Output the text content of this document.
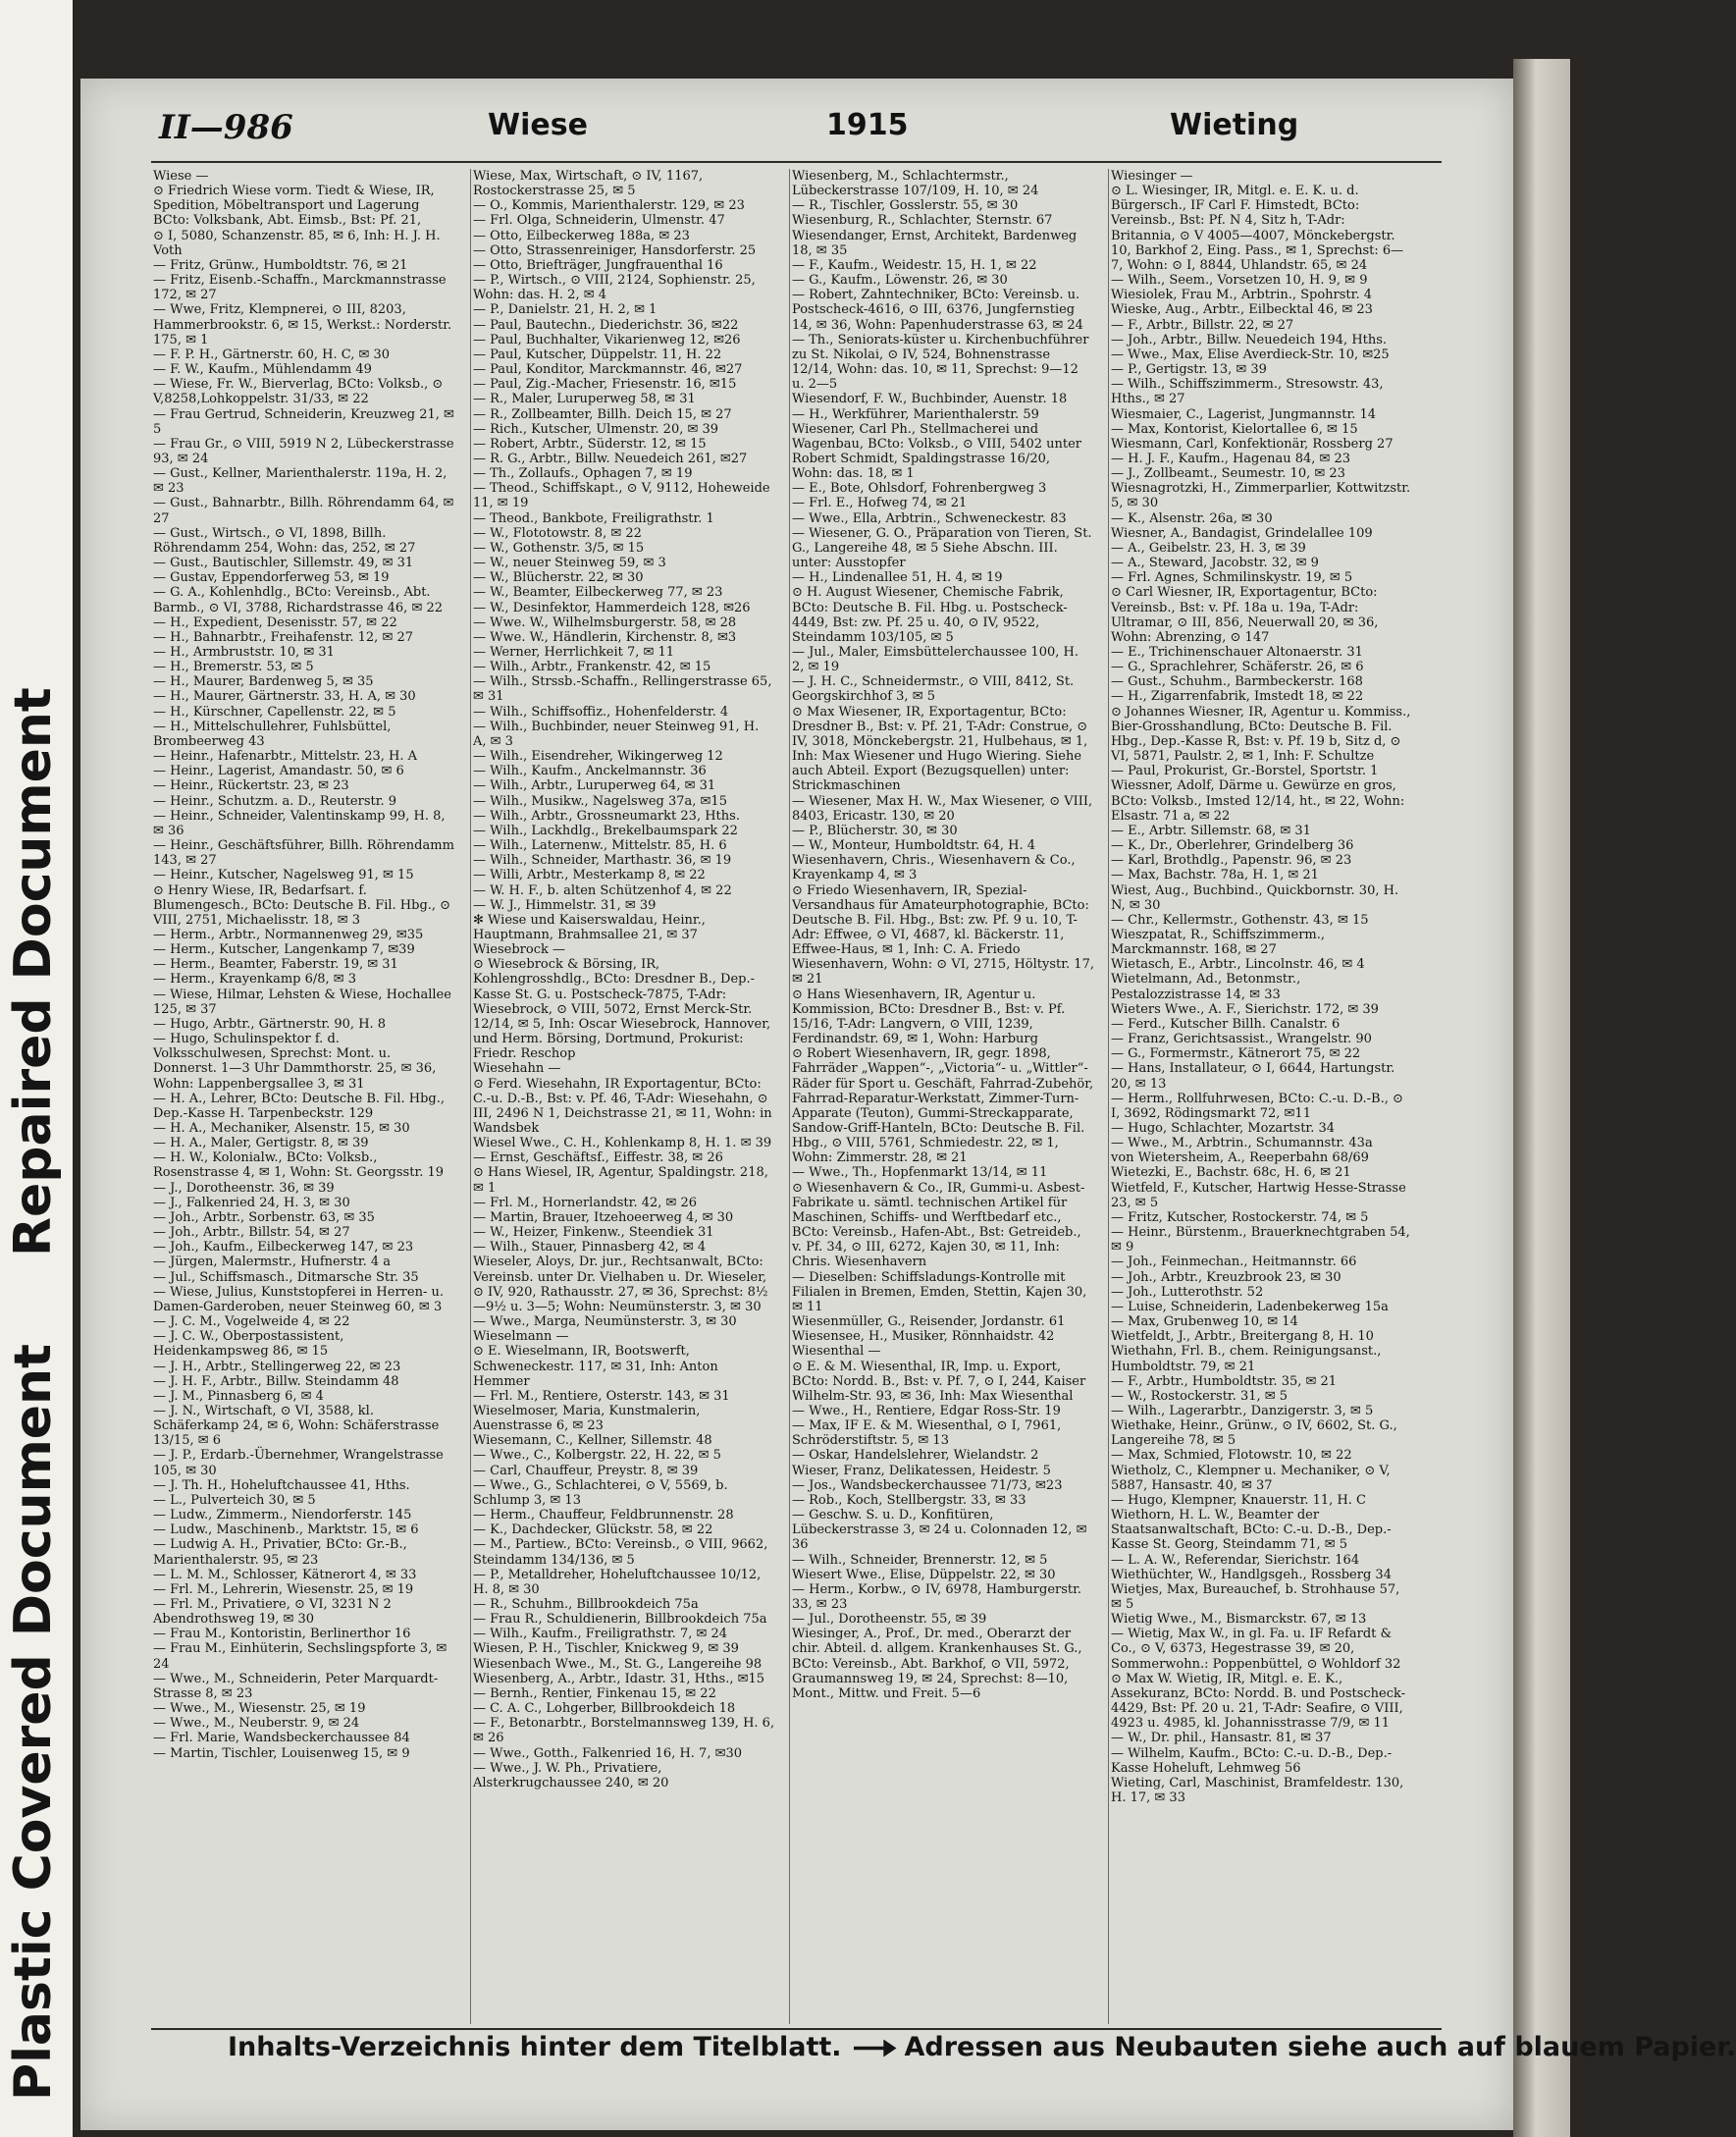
Repaired Document
Plastic Covered Document
II—986	Wiese	1915	Wieting

Wiese —

⊙ Friedrich Wiese vorm. Tiedt & Wiese, IR, Spedition, Möbeltransport und Lagerung BCto: Volksbank, Abt. Eimsb., Bst: Pf. 21,

⊙ I, 5080, Schanzenstr. 85, ✉ 6, Inh: H. J. H. Voth

— Fritz, Grünw., Humboldtstr. 76, ✉ 21

— Fritz, Eisenb.-Schaffn., Marckmannstrasse 172, ✉ 27

— Wwe, Fritz, Klempnerei, ⊙ III, 8203, Hammerbrookstr. 6, ✉ 15, Werkst.: Norderstr. 175, ✉ 1

— F. P. H., Gärtnerstr. 60, H. C, ✉ 30

— F. W., Kaufm., Mühlendamm 49

— Wiese, Fr. W., Bierverlag, BCto: Volksb., ⊙ V,8258,Lohkoppelstr. 31/33, ✉ 22

— Frau Gertrud, Schneiderin, Kreuzweg 21, ✉ 5

— Frau Gr., ⊙ VIII, 5919 N 2, Lübeckerstrasse 93, ✉ 24

— Gust., Kellner, Marienthalerstr. 119a, H. 2, ✉ 23

— Gust., Bahnarbtr., Billh. Röhrendamm 64, ✉ 27

— Gust., Wirtsch., ⊙ VI, 1898, Billh. Röhrendamm 254, Wohn: das, 252, ✉ 27

— Gust., Bautischler, Sillemstr. 49, ✉ 31

— Gustav, Eppendorferweg 53, ✉ 19

— G. A., Kohlenhdlg., BCto: Vereinsb., Abt. Barmb., ⊙ VI, 3788, Richardstrasse 46, ✉ 22

— H., Expedient, Desenisstr. 57, ✉ 22

— H., Bahnarbtr., Freihafenstr. 12, ✉ 27

— H., Armbruststr. 10, ✉ 31

— H., Bremerstr. 53, ✉ 5

— H., Maurer, Bardenweg 5, ✉ 35

— H., Maurer, Gärtnerstr. 33, H. A, ✉ 30

— H., Kürschner, Capellenstr. 22, ✉ 5

— H., Mittelschullehrer, Fuhlsbüttel, Brombeerweg 43

— Heinr., Hafenarbtr., Mittelstr. 23, H. A

— Heinr., Lagerist, Amandastr. 50, ✉ 6

— Heinr., Rückertstr. 23, ✉ 23

— Heinr., Schutzm. a. D., Reuterstr. 9

— Heinr., Schneider, Valentinskamp 99, H. 8, ✉ 36

— Heinr., Geschäftsführer, Billh. Röhrendamm 143, ✉ 27

— Heinr., Kutscher, Nagelsweg 91, ✉ 15

⊙ Henry Wiese, IR, Bedarfsart. f. Blumengesch., BCto: Deutsche B. Fil. Hbg., ⊙ VIII, 2751, Michaelisstr. 18, ✉ 3

— Herm., Arbtr., Normannenweg 29, ✉35

— Herm., Kutscher, Langenkamp 7, ✉39

— Herm., Beamter, Faberstr. 19, ✉ 31

— Herm., Krayenkamp 6/8, ✉ 3

— Wiese, Hilmar, Lehsten & Wiese, Hochallee 125, ✉ 37

— Hugo, Arbtr., Gärtnerstr. 90, H. 8

— Hugo, Schulinspektor f. d. Volksschulwesen, Sprechst: Mont. u. Donnerst. 1—3 Uhr Dammthorstr. 25, ✉ 36, Wohn: Lappenbergsallee 3, ✉ 31

— H. A., Lehrer, BCto: Deutsche B. Fil. Hbg., Dep.-Kasse H. Tarpenbeckstr. 129

— H. A., Mechaniker, Alsenstr. 15, ✉ 30

— H. A., Maler, Gertigstr. 8, ✉ 39

— H. W., Kolonialw., BCto: Volksb., Rosenstrasse 4, ✉ 1, Wohn: St. Georgsstr. 19

— J., Dorotheenstr. 36, ✉ 39

— J., Falkenried 24, H. 3, ✉ 30

— Joh., Arbtr., Sorbenstr. 63, ✉ 35

— Joh., Arbtr., Billstr. 54, ✉ 27

— Joh., Kaufm., Eilbeckerweg 147, ✉ 23

— Jürgen, Malermstr., Hufnerstr. 4 a

— Jul., Schiffsmasch., Ditmarsche Str. 35

— Wiese, Julius, Kunststopferei in Herren- u. Damen-Garderoben, neuer Steinweg 60, ✉ 3

— J. C. M., Vogelweide 4, ✉ 22

— J. C. W., Oberpostassistent, Heidenkampsweg 86, ✉ 15

— J. H., Arbtr., Stellingerweg 22, ✉ 23

— J. H. F., Arbtr., Billw. Steindamm 48

— J. M., Pinnasberg 6, ✉ 4

— J. N., Wirtschaft, ⊙ VI, 3588, kl. Schäferkamp 24, ✉ 6, Wohn: Schäferstrasse 13/15, ✉ 6

— J. P., Erdarb.-Übernehmer, Wrangelstrasse 105, ✉ 30

— J. Th. H., Hoheluftchaussee 41, Hths.

— L., Pulverteich 30, ✉ 5

— Ludw., Zimmerm., Niendorferstr. 145

— Ludw., Maschinenb., Marktstr. 15, ✉ 6

— Ludwig A. H., Privatier, BCto: Gr.-B., Marienthalerstr. 95, ✉ 23

— L. M. M., Schlosser, Kätnerort 4, ✉ 33

— Frl. M., Lehrerin, Wiesenstr. 25, ✉ 19

— Frl. M., Privatiere, ⊙ VI, 3231 N 2 Abendrothsweg 19, ✉ 30

— Frau M., Kontoristin, Berlinerthor 16

— Frau M., Einhüterin, Sechslingspforte 3, ✉ 24

— Wwe., M., Schneiderin, Peter Marquardt-Strasse 8, ✉ 23

— Wwe., M., Wiesenstr. 25, ✉ 19

— Wwe., M., Neuberstr. 9, ✉ 24

— Frl. Marie, Wandsbeckerchaussee 84

— Martin, Tischler, Louisenweg 15, ✉ 9

Wiese, Max, Wirtschaft, ⊙ IV, 1167, Rostockerstrasse 25, ✉ 5

— O., Kommis, Marienthalerstr. 129, ✉ 23

— Frl. Olga, Schneiderin, Ulmenstr. 47

— Otto, Eilbeckerweg 188a, ✉ 23

— Otto, Strassenreiniger, Hansdorferstr. 25

— Otto, Briefträger, Jungfrauenthal 16

— P., Wirtsch., ⊙ VIII, 2124, Sophienstr. 25, Wohn: das. H. 2, ✉ 4

— P., Danielstr. 21, H. 2, ✉ 1

— Paul, Bautechn., Diederichstr. 36, ✉22

— Paul, Buchhalter, Vikarienweg 12, ✉26

— Paul, Kutscher, Düppelstr. 11, H. 22

— Paul, Konditor, Marckmannstr. 46, ✉27

— Paul, Zig.-Macher, Friesenstr. 16, ✉15

— R., Maler, Luruperweg 58, ✉ 31

— R., Zollbeamter, Billh. Deich 15, ✉ 27

— Rich., Kutscher, Ulmenstr. 20, ✉ 39

— Robert, Arbtr., Süderstr. 12, ✉ 15

— R. G., Arbtr., Billw. Neuedeich 261, ✉27

— Th., Zollaufs., Ophagen 7, ✉ 19

— Theod., Schiffskapt., ⊙ V, 9112, Hoheweide 11, ✉ 19

— Theod., Bankbote, Freiligrathstr. 1

— W., Flototowstr. 8, ✉ 22

— W., Gothenstr. 3/5, ✉ 15

— W., neuer Steinweg 59, ✉ 3

— W., Blücherstr. 22, ✉ 30

— W., Beamter, Eilbeckerweg 77, ✉ 23

— W., Desinfektor, Hammerdeich 128, ✉26

— Wwe. W., Wilhelmsburgerstr. 58, ✉ 28

— Wwe. W., Händlerin, Kirchenstr. 8, ✉3

— Werner, Herrlichkeit 7, ✉ 11

— Wilh., Arbtr., Frankenstr. 42, ✉ 15

— Wilh., Strssb.-Schaffn., Rellingerstrasse 65, ✉ 31

— Wilh., Schiffsoffiz., Hohenfelderstr. 4

— Wilh., Buchbinder, neuer Steinweg 91, H. A, ✉ 3

— Wilh., Eisendreher, Wikingerweg 12

— Wilh., Kaufm., Anckelmannstr. 36

— Wilh., Arbtr., Luruperweg 64, ✉ 31

— Wilh., Musikw., Nagelsweg 37a, ✉15

— Wilh., Arbtr., Grossneumarkt 23, Hths.

— Wilh., Lackhdlg., Brekelbaumspark 22

— Wilh., Laternenw., Mittelstr. 85, H. 6

— Wilh., Schneider, Marthastr. 36, ✉ 19

— Willi, Arbtr., Mesterkamp 8, ✉ 22

— W. H. F., b. alten Schützenhof 4, ✉ 22

— W. J., Himmelstr. 31, ✉ 39

✻ Wiese und Kaiserswaldau, Heinr., Hauptmann, Brahmsallee 21, ✉ 37

Wiesebrock —

⊙ Wiesebrock & Börsing, IR, Kohlengrosshdlg., BCto: Dresdner B., Dep.-Kasse St. G. u. Postscheck-7875, T-Adr: Wiesebrock, ⊙ VIII, 5072, Ernst Merck-Str. 12/14, ✉ 5, Inh: Oscar Wiesebrock, Hannover, und Herm. Börsing, Dortmund, Prokurist: Friedr. Reschop

Wiesehahn —

⊙ Ferd. Wiesehahn, IR Exportagentur, BCto: C.-u. D.-B., Bst: v. Pf. 46, T-Adr: Wiesehahn, ⊙ III, 2496 N 1, Deichstrasse 21, ✉ 11, Wohn: in Wandsbek

Wiesel Wwe., C. H., Kohlenkamp 8, H. 1. ✉ 39

— Ernst, Geschäftsf., Eiffestr. 38, ✉ 26

⊙ Hans Wiesel, IR, Agentur, Spaldingstr. 218, ✉ 1

— Frl. M., Hornerlandstr. 42, ✉ 26

— Martin, Brauer, Itzehoeerweg 4, ✉ 30

— W., Heizer, Finkenw., Steendiek 31

— Wilh., Stauer, Pinnasberg 42, ✉ 4

Wieseler, Aloys, Dr. jur., Rechtsanwalt, BCto: Vereinsb. unter Dr. Vielhaben u. Dr. Wieseler, ⊙ IV, 920, Rathausstr. 27, ✉ 36, Sprechst: 8½—9½ u. 3—5; Wohn: Neumünsterstr. 3, ✉ 30

— Wwe., Marga, Neumünsterstr. 3, ✉ 30

Wieselmann —

⊙ E. Wieselmann, IR, Bootswerft, Schweneckestr. 117, ✉ 31, Inh: Anton Hemmer

— Frl. M., Rentiere, Osterstr. 143, ✉ 31

Wieselmoser, Maria, Kunstmalerin, Auenstrasse 6, ✉ 23

Wiesemann, C., Kellner, Sillemstr. 48

— Wwe., C., Kolbergstr. 22, H. 22, ✉ 5

— Carl, Chauffeur, Preystr. 8, ✉ 39

— Wwe., G., Schlachterei, ⊙ V, 5569, b. Schlump 3, ✉ 13

— Herm., Chauffeur, Feldbrunnenstr. 28

— K., Dachdecker, Glückstr. 58, ✉ 22

— M., Partiew., BCto: Vereinsb., ⊙ VIII, 9662, Steindamm 134/136, ✉ 5

— P., Metalldreher, Hoheluftchaussee 10/12, H. 8, ✉ 30

— R., Schuhm., Billbrookdeich 75a

— Frau R., Schuldienerin, Billbrookdeich 75a

— Wilh., Kaufm., Freiligrathstr. 7, ✉ 24

Wiesen, P. H., Tischler, Knickweg 9, ✉ 39

Wiesenbach Wwe., M., St. G., Langereihe 98

Wiesenberg, A., Arbtr., Idastr. 31, Hths., ✉15

— Bernh., Rentier, Finkenau 15, ✉ 22

— C. A. C., Lohgerber, Billbrookdeich 18

— F., Betonarbtr., Borstelmannsweg 139, H. 6, ✉ 26

— Wwe., Gotth., Falkenried 16, H. 7, ✉30

— Wwe., J. W. Ph., Privatiere, Alsterkrugchaussee 240, ✉ 20

Wiesenberg, M., Schlachtermstr., Lübeckerstrasse 107/109, H. 10, ✉ 24

— R., Tischler, Gosslerstr. 55, ✉ 30

Wiesenburg, R., Schlachter, Sternstr. 67

Wiesendanger, Ernst, Architekt, Bardenweg 18, ✉ 35

— F., Kaufm., Weidestr. 15, H. 1, ✉ 22

— G., Kaufm., Löwenstr. 26, ✉ 30

— Robert, Zahntechniker, BCto: Vereinsb. u. Postscheck-4616, ⊙ III, 6376, Jungfernstieg 14, ✉ 36, Wohn: Papenhuderstrasse 63, ✉ 24

— Th., Seniorats-küster u. Kirchenbuchführer zu St. Nikolai, ⊙ IV, 524, Bohnenstrasse 12/14, Wohn: das. 10, ✉ 11, Sprechst: 9—12 u. 2—5

Wiesendorf, F. W., Buchbinder, Auenstr. 18

— H., Werkführer, Marienthalerstr. 59

Wiesener, Carl Ph., Stellmacherei und Wagenbau, BCto: Volksb., ⊙ VIII, 5402 unter Robert Schmidt, Spaldingstrasse 16/20, Wohn: das. 18, ✉ 1

— E., Bote, Ohlsdorf, Fohrenbergweg 3

— Frl. E., Hofweg 74, ✉ 21

— Wwe., Ella, Arbtrin., Schweneckestr. 83

— Wiesener, G. O., Präparation von Tieren, St. G., Langereihe 48, ✉ 5 Siehe Abschn. III. unter: Ausstopfer

— H., Lindenallee 51, H. 4, ✉ 19

⊙ H. August Wiesener, Chemische Fabrik, BCto: Deutsche B. Fil. Hbg. u. Postscheck-4449, Bst: zw. Pf. 25 u. 40, ⊙ IV, 9522, Steindamm 103/105, ✉ 5

— Jul., Maler, Eimsbüttelerchaussee 100, H. 2, ✉ 19

— J. H. C., Schneidermstr., ⊙ VIII, 8412, St. Georgskirchhof 3, ✉ 5

⊙ Max Wiesener, IR, Exportagentur, BCto: Dresdner B., Bst: v. Pf. 21, T-Adr: Construe, ⊙ IV, 3018, Mönckebergstr. 21, Hulbehaus, ✉ 1, Inh: Max Wiesener und Hugo Wiering. Siehe auch Abteil. Export (Bezugsquellen) unter: Strickmaschinen

— Wiesener, Max H. W., Max Wiesener, ⊙ VIII, 8403, Ericastr. 130, ✉ 20

— P., Blücherstr. 30, ✉ 30

— W., Monteur, Humboldtstr. 64, H. 4

Wiesenhavern, Chris., Wiesenhavern & Co., Krayenkamp 4, ✉ 3

⊙ Friedo Wiesenhavern, IR, Spezial-Versandhaus für Amateurphotographie, BCto: Deutsche B. Fil. Hbg., Bst: zw. Pf. 9 u. 10, T-Adr: Effwee, ⊙ VI, 4687, kl. Bäckerstr. 11, Effwee-Haus, ✉ 1, Inh: C. A. Friedo Wiesenhavern, Wohn: ⊙ VI, 2715, Höltystr. 17, ✉ 21

⊙ Hans Wiesenhavern, IR, Agentur u. Kommission, BCto: Dresdner B., Bst: v. Pf. 15/16, T-Adr: Langvern, ⊙ VIII, 1239, Ferdinandstr. 69, ✉ 1, Wohn: Harburg

⊙ Robert Wiesenhavern, IR, gegr. 1898, Fahrräder „Wappen“-, „Victoria“- u. „Wittler“-Räder für Sport u. Geschäft, Fahrrad-Zubehör, Fahrrad-Reparatur-Werkstatt, Zimmer-Turn-Apparate (Teuton), Gummi-Streckapparate, Sandow-Griff-Hanteln, BCto: Deutsche B. Fil. Hbg., ⊙ VIII, 5761, Schmiedestr. 22, ✉ 1, Wohn: Zimmerstr. 28, ✉ 21

— Wwe., Th., Hopfenmarkt 13/14, ✉ 11

⊙ Wiesenhavern & Co., IR, Gummi-u. Asbest-Fabrikate u. sämtl. technischen Artikel für Maschinen, Schiffs- und Werftbedarf etc., BCto: Vereinsb., Hafen-Abt., Bst: Getreideb., v. Pf. 34, ⊙ III, 6272, Kajen 30, ✉ 11, Inh: Chris. Wiesenhavern

— Dieselben: Schiffsladungs-Kontrolle mit Filialen in Bremen, Emden, Stettin, Kajen 30, ✉ 11

Wiesenmüller, G., Reisender, Jordanstr. 61

Wiesensee, H., Musiker, Rönnhaidstr. 42

Wiesenthal —

⊙ E. & M. Wiesenthal, IR, Imp. u. Export, BCto: Nordd. B., Bst: v. Pf. 7, ⊙ I, 244, Kaiser Wilhelm-Str. 93, ✉ 36, Inh: Max Wiesenthal

— Wwe., H., Rentiere, Edgar Ross-Str. 19

— Max, IF E. & M. Wiesenthal, ⊙ I, 7961, Schröderstiftstr. 5, ✉ 13

— Oskar, Handelslehrer, Wielandstr. 2

Wieser, Franz, Delikatessen, Heidestr. 5

— Jos., Wandsbeckerchaussee 71/73, ✉23

— Rob., Koch, Stellbergstr. 33, ✉ 33

— Geschw. S. u. D., Konfitüren, Lübeckerstrasse 3, ✉ 24 u. Colonnaden 12, ✉ 36

— Wilh., Schneider, Brennerstr. 12, ✉ 5

Wiesert Wwe., Elise, Düppelstr. 22, ✉ 30

— Herm., Korbw., ⊙ IV, 6978, Hamburgerstr. 33, ✉ 23

— Jul., Dorotheenstr. 55, ✉ 39

Wiesinger, A., Prof., Dr. med., Oberarzt der chir. Abteil. d. allgem. Krankenhauses St. G., BCto: Vereinsb., Abt. Barkhof, ⊙ VII, 5972, Graumannsweg 19, ✉ 24, Sprechst: 8—10, Mont., Mittw. und Freit. 5—6

Wiesinger —

⊙ L. Wiesinger, IR, Mitgl. e. E. K. u. d. Bürgersch., IF Carl F. Himstedt, BCto: Vereinsb., Bst: Pf. N 4, Sitz h, T-Adr: Britannia, ⊙ V 4005—4007, Mönckebergstr. 10, Barkhof 2, Eing. Pass., ✉ 1, Sprechst: 6—7, Wohn: ⊙ I, 8844, Uhlandstr. 65, ✉ 24

— Wilh., Seem., Vorsetzen 10, H. 9, ✉ 9

Wiesiolek, Frau M., Arbtrin., Spohrstr. 4

Wieske, Aug., Arbtr., Eilbecktal 46, ✉ 23

— F., Arbtr., Billstr. 22, ✉ 27

— Joh., Arbtr., Billw. Neuedeich 194, Hths.

— Wwe., Max, Elise Averdieck-Str. 10, ✉25

— P., Gertigstr. 13, ✉ 39

— Wilh., Schiffszimmerm., Stresowstr. 43, Hths., ✉ 27

Wiesmaier, C., Lagerist, Jungmannstr. 14

— Max, Kontorist, Kielortallee 6, ✉ 15

Wiesmann, Carl, Konfektionär, Rossberg 27

— H. J. F., Kaufm., Hagenau 84, ✉ 23

— J., Zollbeamt., Seumestr. 10, ✉ 23

Wiesnagrotzki, H., Zimmerparlier, Kottwitzstr. 5, ✉ 30

— K., Alsenstr. 26a, ✉ 30

Wiesner, A., Bandagist, Grindelallee 109

— A., Geibelstr. 23, H. 3, ✉ 39

— A., Steward, Jacobstr. 32, ✉ 9

— Frl. Agnes, Schmilinskystr. 19, ✉ 5

⊙ Carl Wiesner, IR, Exportagentur, BCto: Vereinsb., Bst: v. Pf. 18a u. 19a, T-Adr: Ultramar, ⊙ III, 856, Neuerwall 20, ✉ 36, Wohn: Abrenzing, ⊙ 147

— E., Trichinenschauer Altonaerstr. 31

— G., Sprachlehrer, Schäferstr. 26, ✉ 6

— Gust., Schuhm., Barmbeckerstr. 168

— H., Zigarrenfabrik, Imstedt 18, ✉ 22

⊙ Johannes Wiesner, IR, Agentur u. Kommiss., Bier-Grosshandlung, BCto: Deutsche B. Fil. Hbg., Dep.-Kasse R, Bst: v. Pf. 19 b, Sitz d, ⊙ VI, 5871, Paulstr. 2, ✉ 1, Inh: F. Schultze

— Paul, Prokurist, Gr.-Borstel, Sportstr. 1

Wiessner, Adolf, Därme u. Gewürze en gros, BCto: Volksb., Imsted 12/14, ht., ✉ 22, Wohn: Elsastr. 71 a, ✉ 22

— E., Arbtr. Sillemstr. 68, ✉ 31

— K., Dr., Oberlehrer, Grindelberg 36

— Karl, Brothdlg., Papenstr. 96, ✉ 23

— Max, Bachstr. 78a, H. 1, ✉ 21

Wiest, Aug., Buchbind., Quickbornstr. 30, H. N, ✉ 30

— Chr., Kellermstr., Gothenstr. 43, ✉ 15

Wieszpatat, R., Schiffszimmerm., Marckmannstr. 168, ✉ 27

Wietasch, E., Arbtr., Lincolnstr. 46, ✉ 4

Wietelmann, Ad., Betonmstr., Pestalozzistrasse 14, ✉ 33

Wieters Wwe., A. F., Sierichstr. 172, ✉ 39

— Ferd., Kutscher Billh. Canalstr. 6

— Franz, Gerichtsassist., Wrangelstr. 90

— G., Formermstr., Kätnerort 75, ✉ 22

— Hans, Installateur, ⊙ I, 6644, Hartungstr. 20, ✉ 13

— Herm., Rollfuhrwesen, BCto: C.-u. D.-B., ⊙ I, 3692, Rödingsmarkt 72, ✉11

— Hugo, Schlachter, Mozartstr. 34

— Wwe., M., Arbtrin., Schumannstr. 43a

von Wietersheim, A., Reeperbahn 68/69

Wietezki, E., Bachstr. 68c, H. 6, ✉ 21

Wietfeld, F., Kutscher, Hartwig Hesse-Strasse 23, ✉ 5

— Fritz, Kutscher, Rostockerstr. 74, ✉ 5

— Heinr., Bürstenm., Brauerknechtgraben 54, ✉ 9

— Joh., Feinmechan., Heitmannstr. 66

— Joh., Arbtr., Kreuzbrook 23, ✉ 30

— Joh., Lutterothstr. 52

— Luise, Schneiderin, Ladenbekerweg 15a

— Max, Grubenweg 10, ✉ 14

Wietfeldt, J., Arbtr., Breitergang 8, H. 10

Wiethahn, Frl. B., chem. Reinigungsanst., Humboldtstr. 79, ✉ 21

— F., Arbtr., Humboldtstr. 35, ✉ 21

— W., Rostockerstr. 31, ✉ 5

— Wilh., Lagerarbtr., Danzigerstr. 3, ✉ 5

Wiethake, Heinr., Grünw., ⊙ IV, 6602, St. G., Langereihe 78, ✉ 5

— Max, Schmied, Flotowstr. 10, ✉ 22

Wietholz, C., Klempner u. Mechaniker, ⊙ V, 5887, Hansastr. 40, ✉ 37

— Hugo, Klempner, Knauerstr. 11, H. C

Wiethorn, H. L. W., Beamter der Staatsanwaltschaft, BCto: C.-u. D.-B., Dep.-Kasse St. Georg, Steindamm 71, ✉ 5

— L. A. W., Referendar, Sierichstr. 164

Wiethüchter, W., Handlgsgeh., Rossberg 34

Wietjes, Max, Bureauchef, b. Strohhause 57, ✉ 5

Wietig Wwe., M., Bismarckstr. 67, ✉ 13

— Wietig, Max W., in gl. Fa. u. IF Refardt & Co., ⊙ V, 6373, Hegestrasse 39, ✉ 20, Sommerwohn.: Poppenbüttel, ⊙ Wohldorf 32

⊙ Max W. Wietig, IR, Mitgl. e. E. K., Assekuranz, BCto: Nordd. B. und Postscheck-4429, Bst: Pf. 20 u. 21, T-Adr: Seafire, ⊙ VIII, 4923 u. 4985, kl. Johannisstrasse 7/9, ✉ 11

— W., Dr. phil., Hansastr. 81, ✉ 37

— Wilhelm, Kaufm., BCto: C.-u. D.-B., Dep.-Kasse Hoheluft, Lehmweg 56

Wieting, Carl, Maschinist, Bramfeldestr. 130, H. 17, ✉ 33

Inhalts-Verzeichnis hinter dem Titelblatt. Adressen aus Neubauten siehe auch auf blauem Papier.
